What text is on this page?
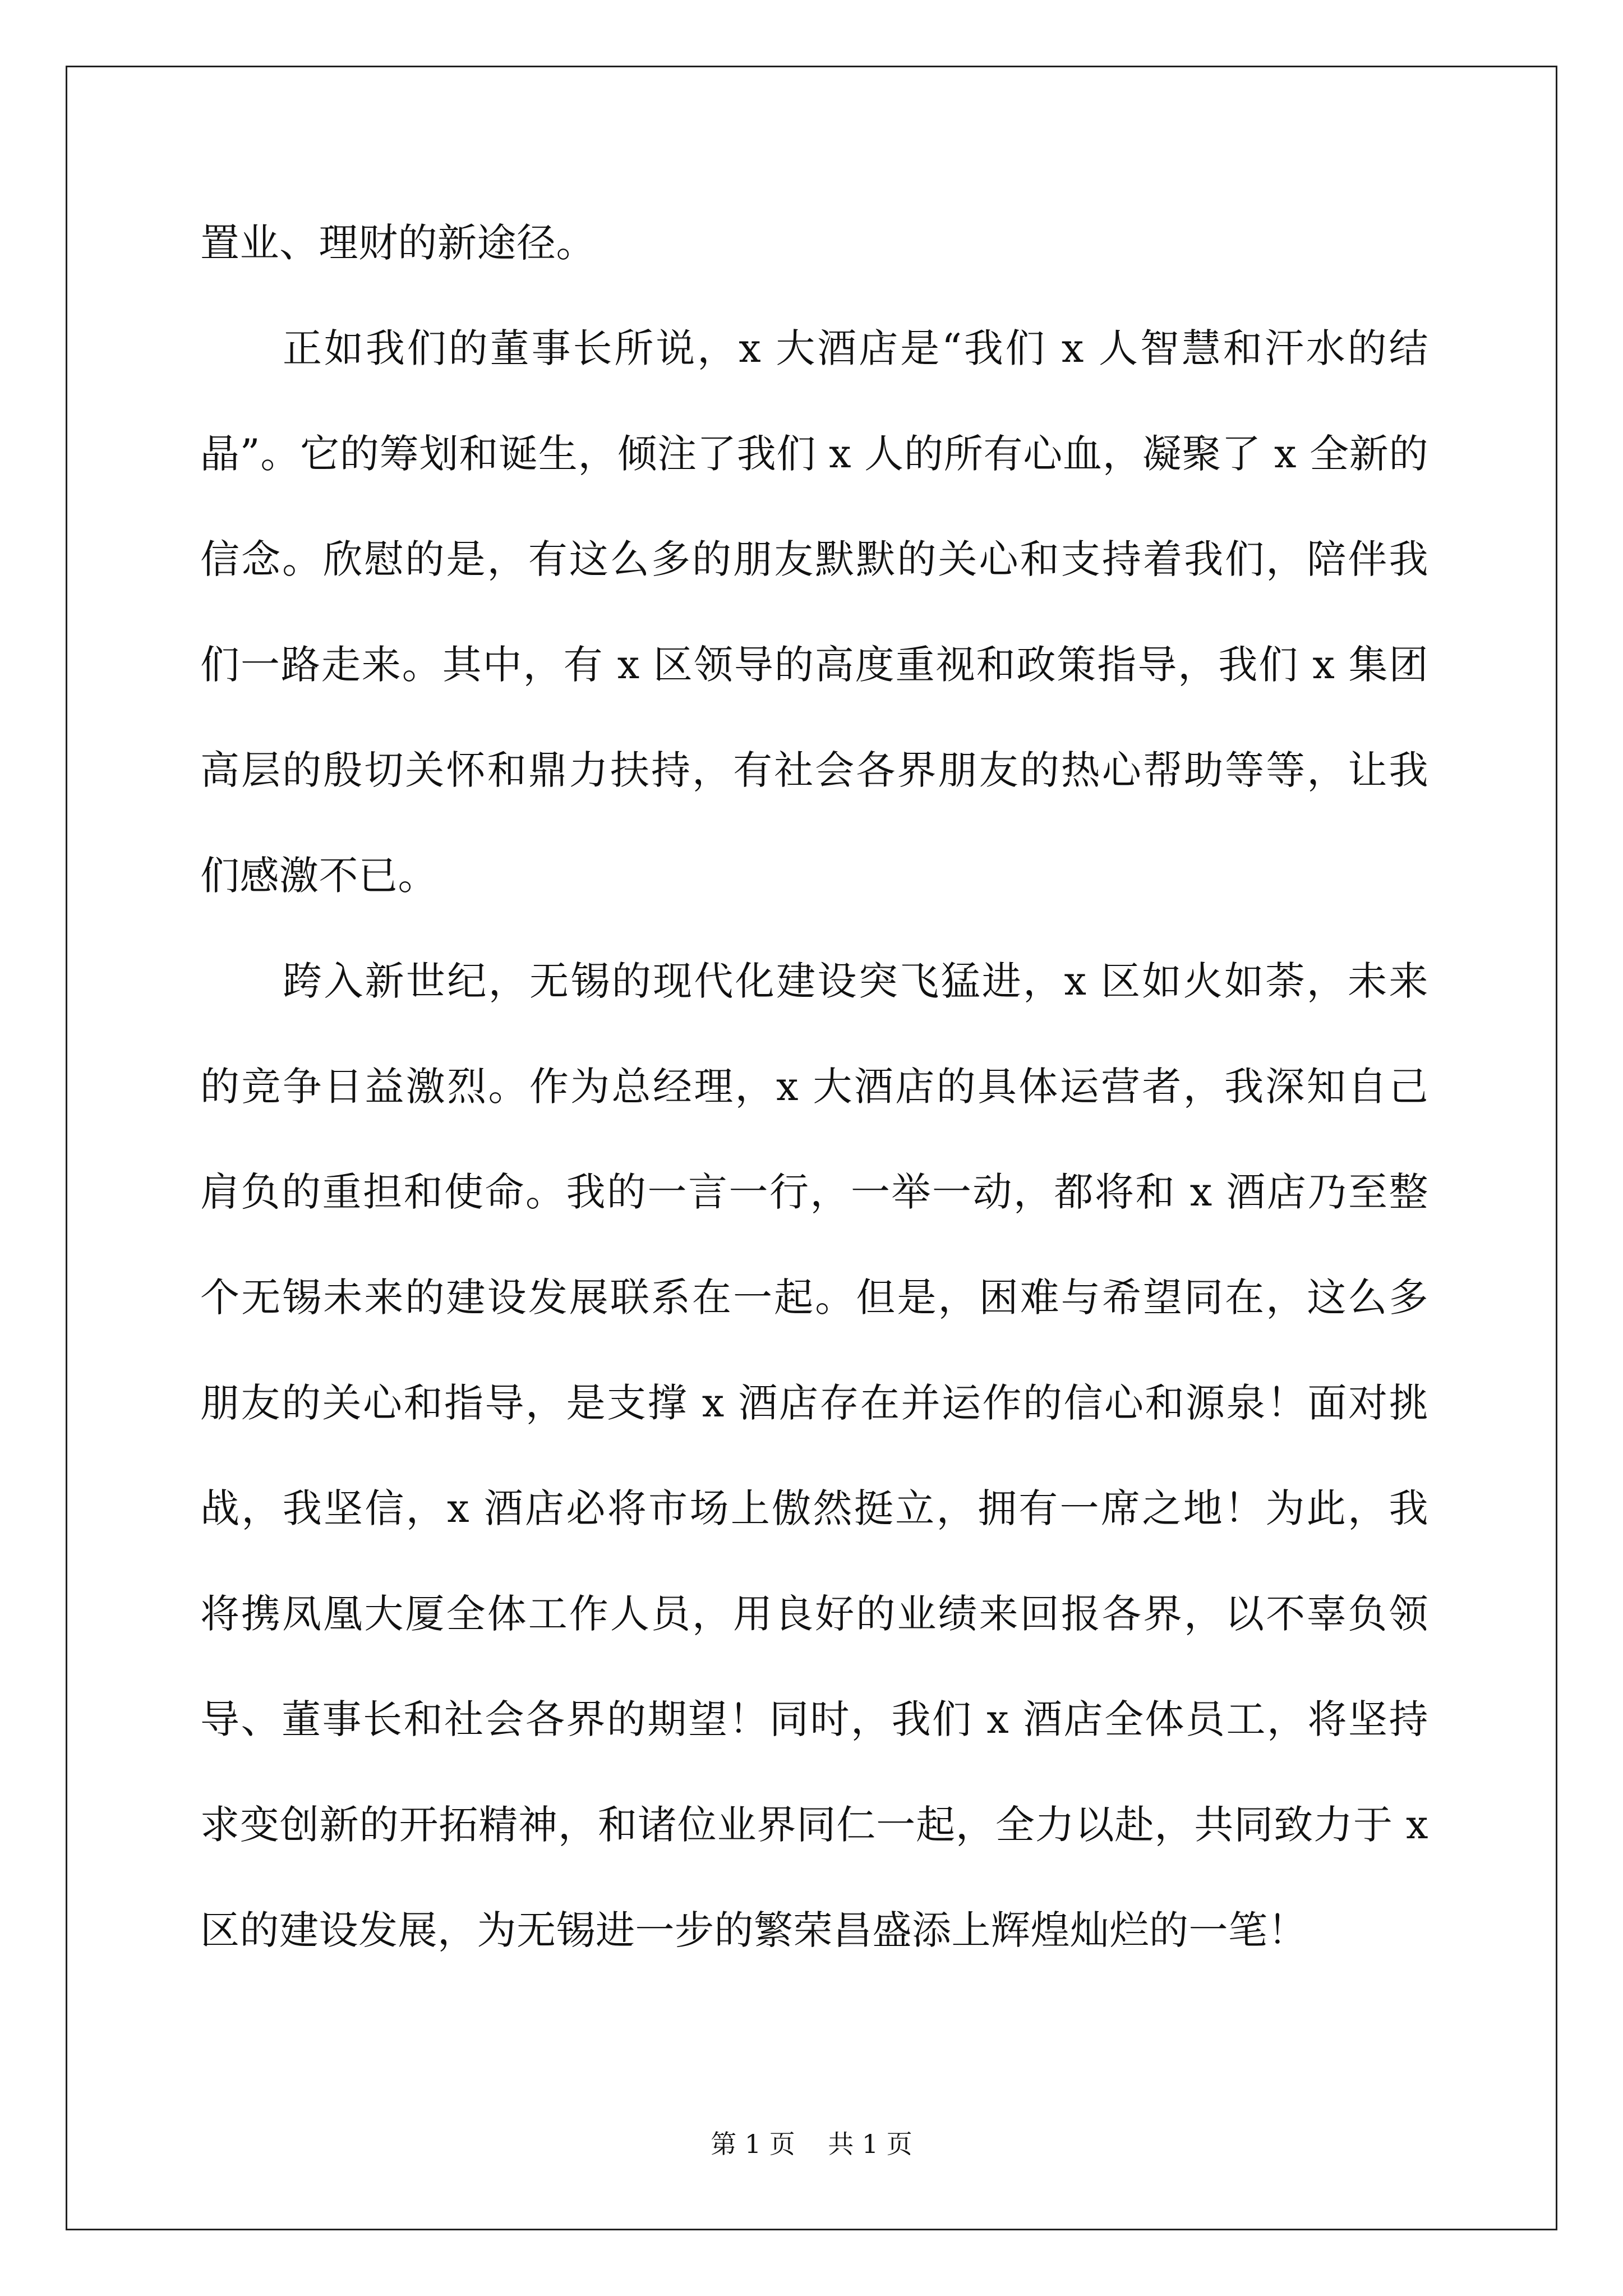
置业、理财的新途径。
正如我们的董事长所说，x 大酒店是“我们 x 人智慧和汗水的结
晶”。它的筹划和诞生，倾注了我们 x 人的所有心血，凝聚了 x 全新的
信念。欣慰的是，有这么多的朋友默默的关心和支持着我们，陪伴我
们一路走来。其中，有 x 区领导的高度重视和政策指导，我们 x 集团
高层的殷切关怀和鼎力扶持，有社会各界朋友的热心帮助等等，让我
们感激不已。
跨入新世纪，无锡的现代化建设突飞猛进，x 区如火如荼，未来
的竞争日益激烈。作为总经理，x 大酒店的具体运营者，我深知自己
肩负的重担和使命。我的一言一行，一举一动，都将和 x 酒店乃至整
个无锡未来的建设发展联系在一起。但是，困难与希望同在，这么多
朋友的关心和指导，是支撑 x 酒店存在并运作的信心和源泉！面对挑
战，我坚信，x 酒店必将市场上傲然挺立，拥有一席之地！为此，我
将携凤凰大厦全体工作人员，用良好的业绩来回报各界，以不辜负领
导、董事长和社会各界的期望！同时，我们 x 酒店全体员工，将坚持
求变创新的开拓精神，和诸位业界同仁一起，全力以赴，共同致力于 x
区的建设发展，为无锡进一步的繁荣昌盛添上辉煌灿烂的一笔！
第 1 页 共 1 页
